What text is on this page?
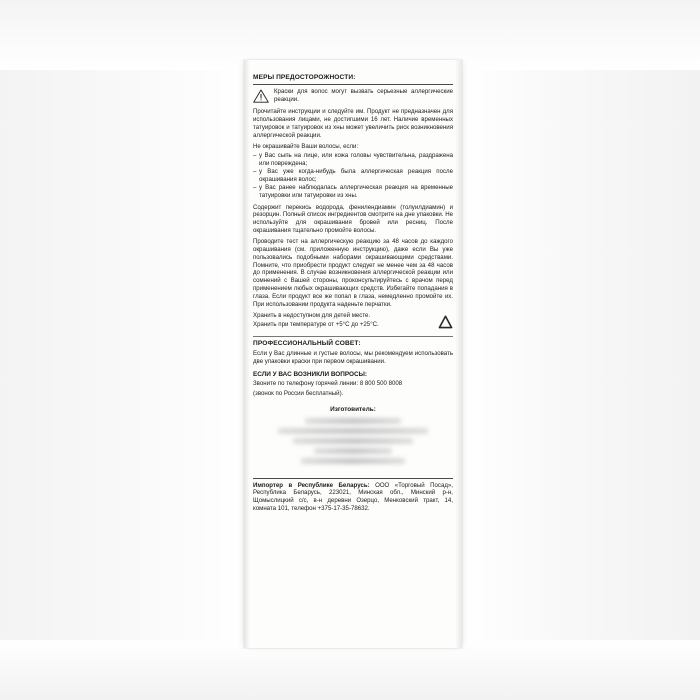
МЕРЫ ПРЕДОСТОРОЖНОСТИ:
Краски для волос могут вызвать серьезные аллергические реакции.

Прочитайте инструкции и следуйте им. Продукт не предназначен для использования лицами, не достигшими 16 лет. Наличие временных татуировок и татуировок из хны может увеличить риск возникновения аллергической реакции.

Не окрашивайте Ваши волосы, если:

– у Вас сыпь на лице, или кожа головы чувствительна, раздражена или повреждена;
– у Вас уже когда-нибудь была аллергическая реакция после окрашивания волос;
– у Вас ранее наблюдалась аллергическая реакция на временные татуировки или татуировки из хны.

Содержит перекись водорода, фенилендиамин (толуилдиамин) и резорцин. Полный список ингредиентов смотрите на дне упаковки. Не используйте для окрашивания бровей или ресниц. После окрашивания тщательно промойте волосы.

Проводите тест на аллергическую реакцию за 48 часов до каждого окрашивания (см. приложенную инструкцию), даже если Вы уже пользовались подобными наборами окрашивающими средствами. Помните, что приобрести продукт следует не менее чем за 48 часов до применения. В случае возникновения аллергической реакции или сомнений с Вашей стороны, проконсультируйтесь с врачом перед применением любых окрашивающих средств. Избегайте попадания в глаза. Если продукт все же попал в глаза, немедленно промойте их. При использовании продукта наденьте перчатки.

Хранить в недоступном для детей месте.

Хранить при температуре от +5°С до +25°С.

ПРОФЕССИОНАЛЬНЫЙ СОВЕТ:

Если у Вас длинные и густые волосы, мы рекомендуем использовать две упаковки краски при первом окрашивании.

ЕСЛИ У ВАС ВОЗНИКЛИ ВОПРОСЫ:

Звоните по телефону горячей линии: 8 800 500 8008

(звонок по России бесплатный).

Изготовитель:
Импортер в Республике Беларусь: ООО «Торговый Посад», Республика Беларусь, 223021, Минская обл., Минский р-н, Щомыслицкий с/с, в-н деревни Озерцо, Менковский тракт, 14, комната 101, телефон +375-17-35-78632.
